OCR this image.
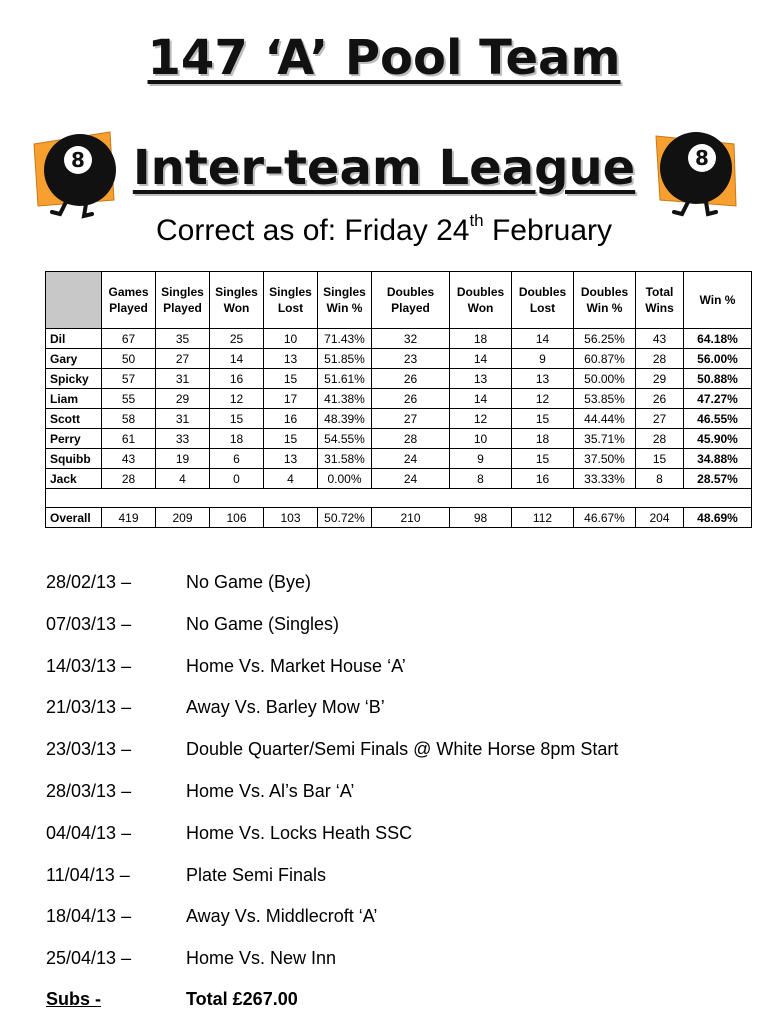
147 ‘A’ Pool Team
Inter-team League
8	8
Correct as of: Friday 24th February
	Games Played	Singles Played	Singles Won	Singles Lost	Singles Win %	Doubles Played	Doubles Won	Doubles Lost	Doubles Win %	Total Wins	Win %
Dil	67	35	25	10	71.43%	32	18	14	56.25%	43	64.18%
Gary	50	27	14	13	51.85%	23	14	9	60.87%	28	56.00%
Spicky	57	31	16	15	51.61%	26	13	13	50.00%	29	50.88%
Liam	55	29	12	17	41.38%	26	14	12	53.85%	26	47.27%
Scott	58	31	15	16	48.39%	27	12	15	44.44%	27	46.55%
Perry	61	33	18	15	54.55%	28	10	18	35.71%	28	45.90%
Squibb	43	19	6	13	31.58%	24	9	15	37.50%	15	34.88%
Jack	28	4	0	4	0.00%	24	8	16	33.33%	8	28.57%

Overall	419	209	106	103	50.72%	210	98	112	46.67%	204	48.69%
28/02/13 –	No Game (Bye)
07/03/13 –	No Game (Singles)
14/03/13 –	Home Vs. Market House ‘A’
21/03/13 –	Away Vs. Barley Mow ‘B’
23/03/13 –	Double Quarter/Semi Finals @ White Horse 8pm Start
28/03/13 –	Home Vs. Al’s Bar ‘A’
04/04/13 –	Home Vs. Locks Heath SSC
11/04/13 –	Plate Semi Finals
18/04/13 –	Away Vs. Middlecroft ‘A’
25/04/13 –	Home Vs. New Inn
Subs -	Total £267.00
